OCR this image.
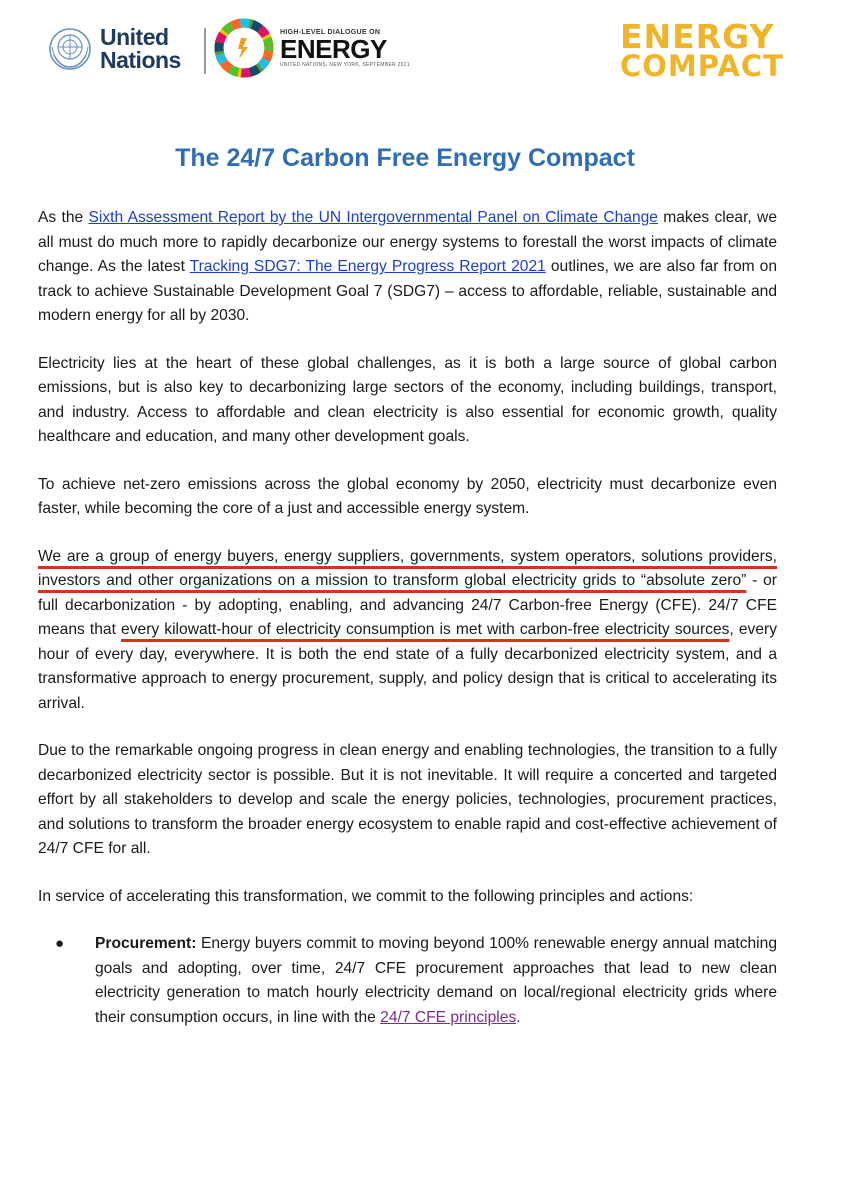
United
Nations
HIGH-LEVEL DIALOGUE ON
ENERGY
UNITED NATIONS, NEW YORK, SEPTEMBER 2021
ENERGY
COMPACT
The 24/7 Carbon Free Energy Compact

As the Sixth Assessment Report by the UN Intergovernmental Panel on Climate Change makes clear, we all must do much more to rapidly decarbonize our energy systems to forestall the worst impacts of climate change. As the latest Tracking SDG7: The Energy Progress Report 2021 outlines, we are also far from on track to achieve Sustainable Development Goal 7 (SDG7) – access to affordable, reliable, sustainable and modern energy for all by 2030.

Electricity lies at the heart of these global challenges, as it is both a large source of global carbon emissions, but is also key to decarbonizing large sectors of the economy, including buildings, transport, and industry. Access to affordable and clean electricity is also essential for economic growth, quality healthcare and education, and many other development goals.

To achieve net-zero emissions across the global economy by 2050, electricity must decarbonize even faster, while becoming the core of a just and accessible energy system.

We are a group of energy buyers, energy suppliers, governments, system operators, solutions providers, investors and other organizations on a mission to transform global electricity grids to “absolute zero” - or full decarbonization - by adopting, enabling, and advancing 24/7 Carbon-free Energy (CFE). 24/7 CFE means that every kilowatt-hour of electricity consumption is met with carbon-free electricity sources, every hour of every day, everywhere. It is both the end state of a fully decarbonized electricity system, and a transformative approach to energy procurement, supply, and policy design that is critical to accelerating its arrival.

Due to the remarkable ongoing progress in clean energy and enabling technologies, the transition to a fully decarbonized electricity sector is possible. But it is not inevitable. It will require a concerted and targeted effort by all stakeholders to develop and scale the energy policies, technologies, procurement practices, and solutions to transform the broader energy ecosystem to enable rapid and cost-effective achievement of 24/7 CFE for all.

In service of accelerating this transformation, we commit to the following principles and actions:

● Procurement: Energy buyers commit to moving beyond 100% renewable energy annual matching goals and adopting, over time, 24/7 CFE procurement approaches that lead to new clean electricity generation to match hourly electricity demand on local/regional electricity grids where their consumption occurs, in line with the 24/7 CFE principles.
